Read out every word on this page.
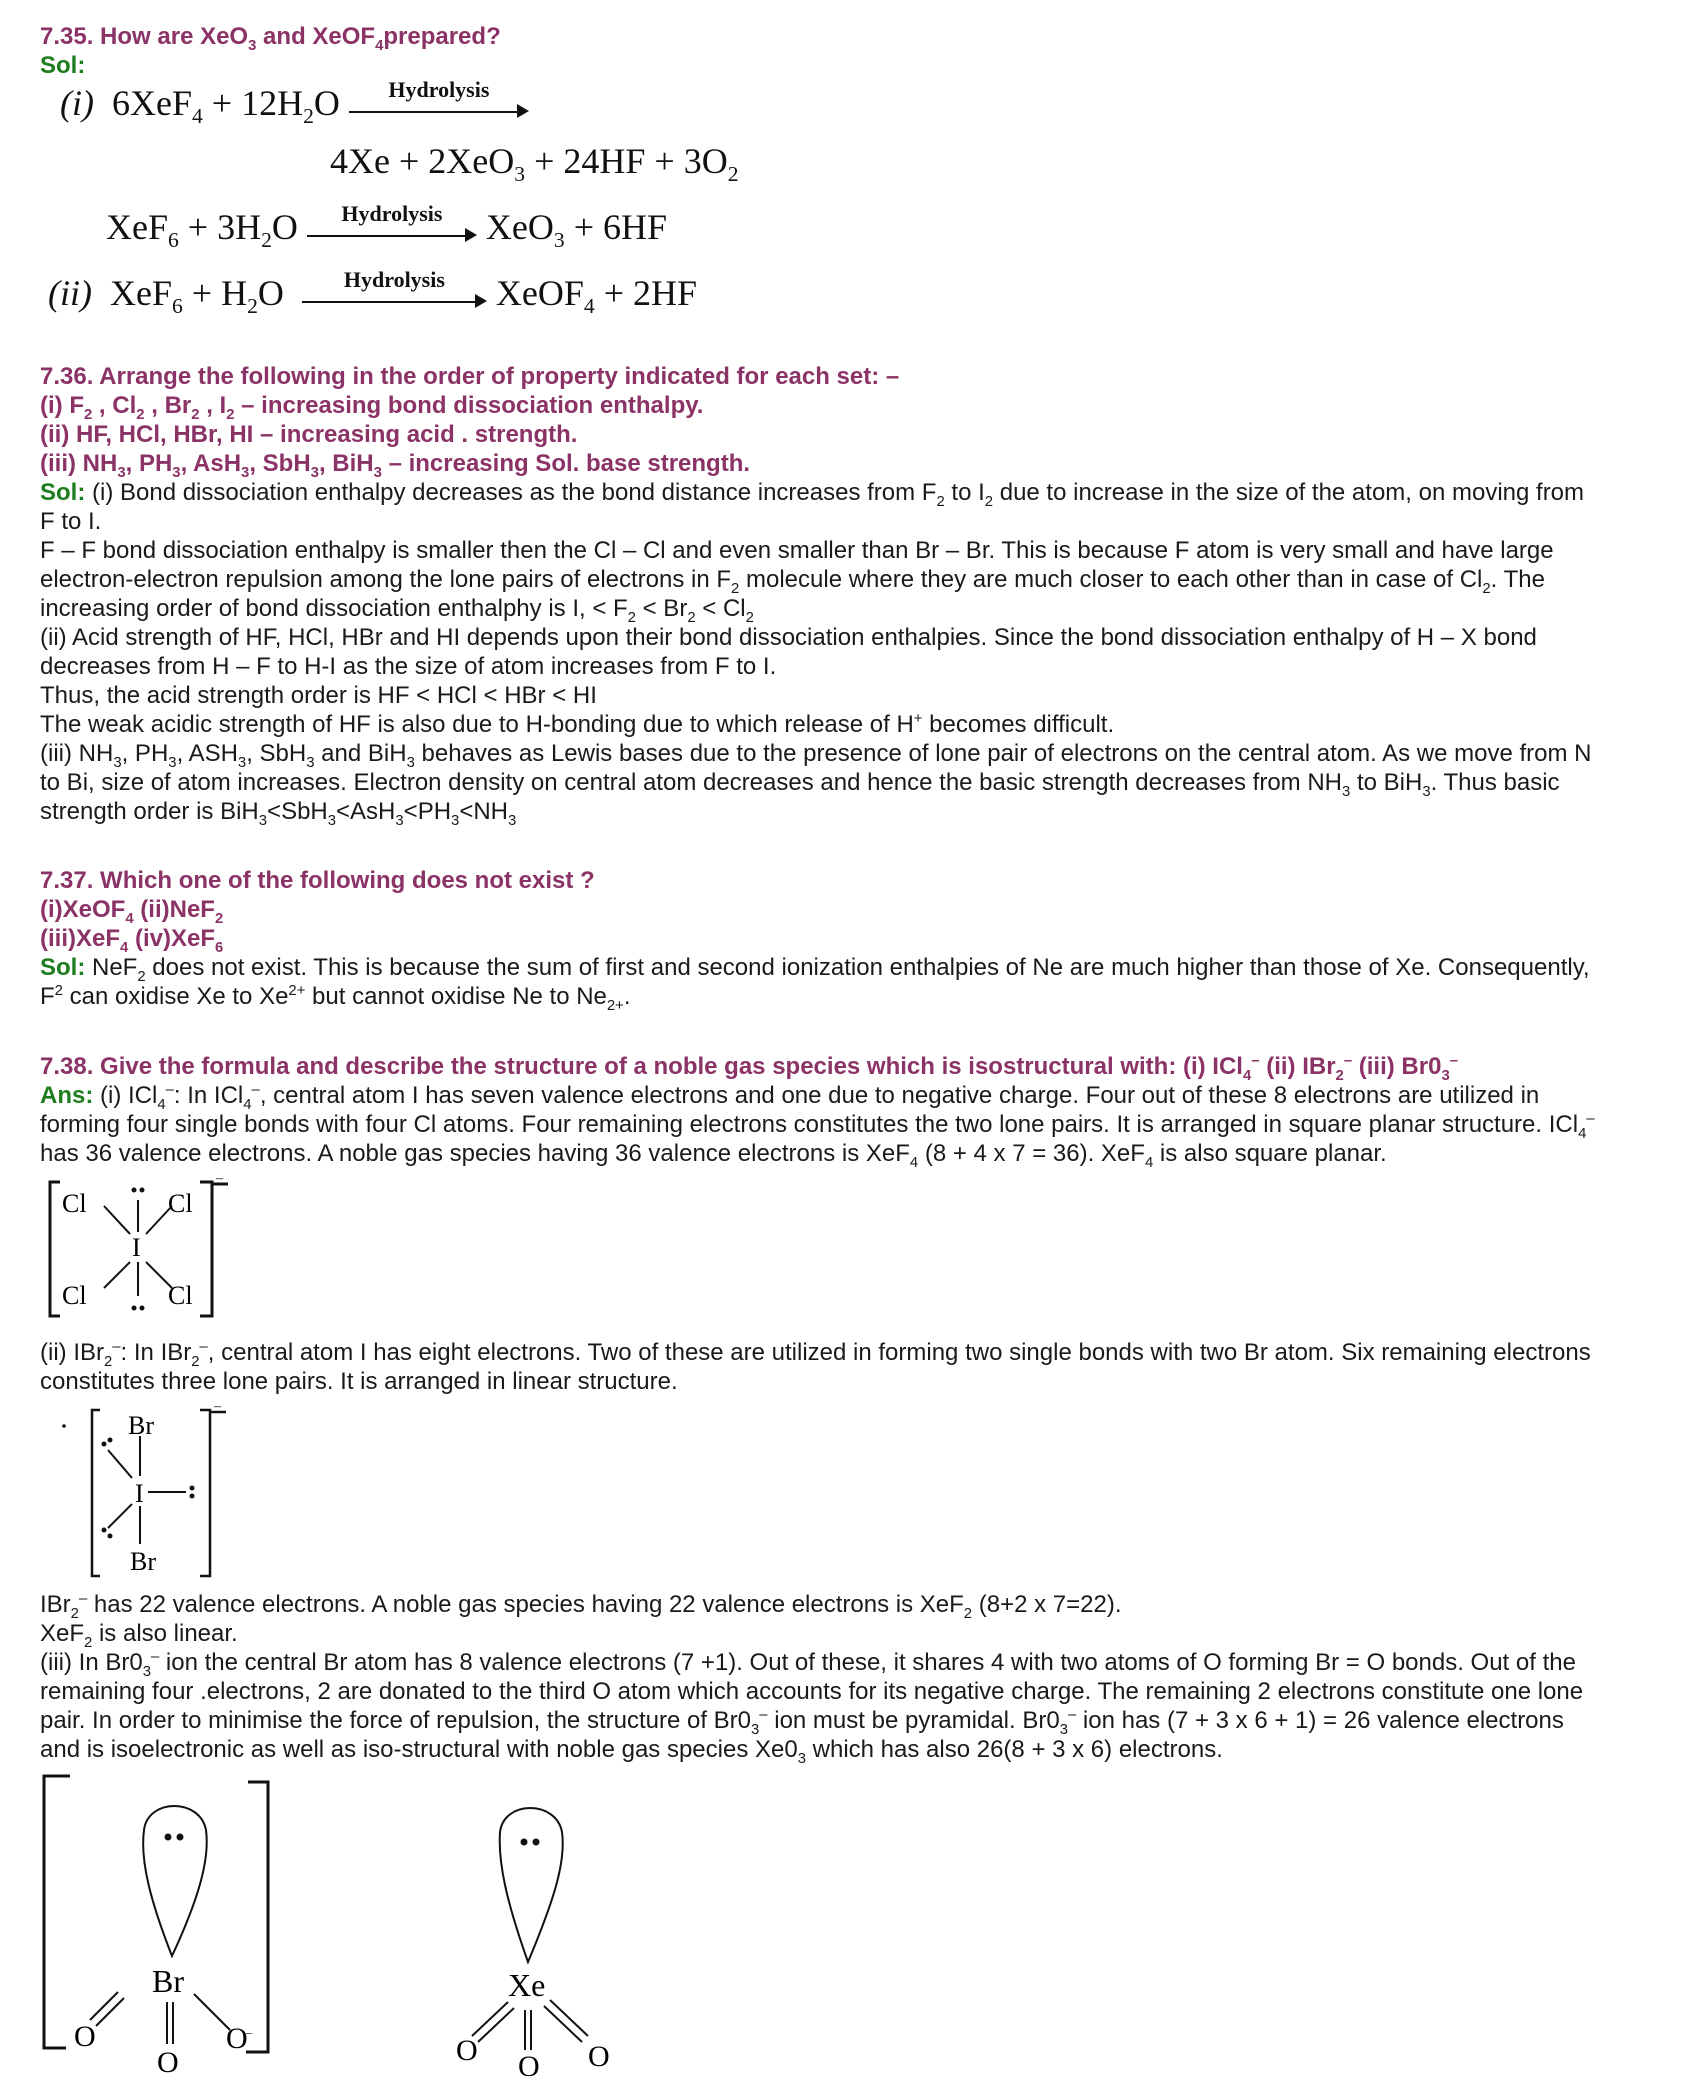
7.35. How are XeO$_3$ and XeOF$_4$prepared?
Sol:
(i) $6XeF_4 + 12H_2O$	Hydrolysis
$4Xe + 2XeO_3 + 24HF + 3O_2$
$XeF_6 + 3H_2O$	Hydrolysis	XeO$_3$ + 6HF
(ii) $XeF_6 + H_2O$	Hydrolysis	XeOF$_4$ + 2HF
7.36. Arrange the following in the order of property indicated for each set: –
(i) $F_2$ , $Cl_2$ , $Br_2$ , $I_2$ – increasing bond dissociation enthalpy.
(ii) HF, HCl, HBr, HI – increasing acid . strength.
(iii) $NH_3$, $PH_3$, AsH$_3$, SbH$_3$, BiH$_3$ – increasing Sol. base strength.
Sol: (i) Bond dissociation enthalpy decreases as the bond distance increases from $F_2$ to $I_2$ due to increase in the size of the atom, on moving from
F to I.
F – F bond dissociation enthalpy is smaller then the Cl – Cl and even smaller than Br – Br. This is because F atom is very small and have large
electron-electron repulsion among the lone pairs of electrons in $F_2$ molecule where they are much closer to each other than in case of $Cl_2$. The
increasing order of bond dissociation enthalphy is I, < $F_2 < Br_2 < Cl_2$
(ii) Acid strength of HF, HCl, HBr and HI depends upon their bond dissociation enthalpies. Since the bond dissociation enthalpy of H – X bond
decreases from H – F to H-I as the size of atom increases from F to I.
Thus, the acid strength order is HF < HCl < HBr < HI
The weak acidic strength of HF is also due to H-bonding due to which release of H+ becomes difficult.
(iii) $NH_3$, $PH_3$, $ASH_3$, SbH$_3$ and BiH$_3$ behaves as Lewis bases due to the presence of lone pair of electrons on the central atom. As we move from N
to Bi, size of atom increases. Electron density on central atom decreases and hence the basic strength decreases from $NH_3$ to BiH$_3$. Thus basic
strength order is $BiH_3<SbH_3<AsH_3<PH_3<NH_3$
7.37. Which one of the following does not exist ?
(i)XeOF$_4$ (ii)NeF$_2$
(iii)XeF$_4$ (iv)XeF$_6$
Sol: NeF$_2$ does not exist. This is because the sum of first and second ionization enthalpies of Ne are much higher than those of Xe. Consequently,
$F^2$ can oxidise Xe to $Xe^{2+}$ but cannot oxidise Ne to $Ne_{2+}$.
7.38. Give the formula and describe the structure of a noble gas species which is isostructural with: (i) ICl$_4$– (ii) IBr$_2$– (iii) $Br0_3^-$
Ans: (i) ICl$_4$–: In ICl$_4$–, central atom I has seven valence electrons and one due to negative charge. Four out of these 8 electrons are utilized in
forming four single bonds with four Cl atoms. Four remaining electrons constitutes the two lone pairs. It is arranged in square planar structure. ICl$_4$–
has 36 valence electrons. A noble gas species having 36 valence electrons is XeF$_4$ (8 + 4 x 7 = 36). XeF$_4$ is also square planar.
Cl	Cl
Cl	Cl
I
–
(ii) IBr$_2$–: In IBr$_2$–, central atom I has eight electrons. Two of these are utilized in forming two single bonds with two Br atom. Six remaining electrons
constitutes three lone pairs. It is arranged in linear structure.
Br
I
Br
–
IBr$_2$– has 22 valence electrons. A noble gas species having 22 valence electrons is XeF$_2$ (8+2 x 7=22).
XeF$_2$ is also linear.
(iii) In $Br0_3^-$ ion the central Br atom has 8 valence electrons (7 +1). Out of these, it shares 4 with two atoms of O forming Br = O bonds. Out of the
remaining four .electrons, 2 are donated to the third O atom which accounts for its negative charge. The remaining 2 electrons constitute one lone
pair. In order to minimise the force of repulsion, the structure of $Br0_3^-$ ion must be pyramidal. $Br0_3^-$ ion has (7 + 3 x 6 + 1) = 26 valence electrons
and is isoelectronic as well as iso-structural with noble gas species $Xe0_3$ which has also 26(8 + 3 x 6) electrons.
Br
O
O
O
–
Xe
O O O
